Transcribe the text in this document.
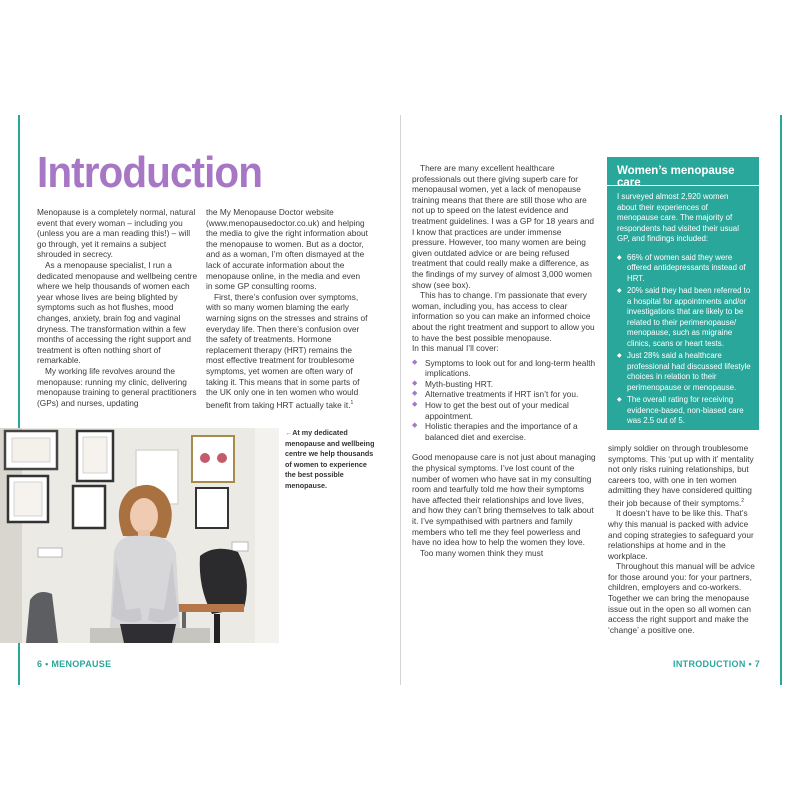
Introduction

Menopause is a completely normal, natural event that every woman – including you (unless you are a man reading this!) – will go through, yet it remains a subject shrouded in secrecy.

As a menopause specialist, I run a dedicated menopause and wellbeing centre where we help thousands of women each year whose lives are being blighted by symptoms such as hot flushes, mood changes, anxiety, brain fog and vaginal dryness. The transformation within a few months of accessing the right support and treatment is often nothing short of remarkable.

My working life revolves around the menopause: running my clinic, delivering menopause training to general practitioners (GPs) and nurses, updating

the My Menopause Doctor website (www.menopausedoctor.co.uk) and helping the media to give the right information about the menopause to women. But as a doctor, and as a woman, I’m often dismayed at the lack of accurate information about the menopause online, in the media and even in some GP consulting rooms.

First, there’s confusion over symptoms, with so many women blaming the early warning signs on the stresses and strains of everyday life. Then there’s confusion over the safety of treatments. Hormone replacement therapy (HRT) remains the most effective treatment for troublesome symptoms, yet women are often wary of taking it. This means that in some parts of the UK only one in ten women who would benefit from taking HRT actually take it.$^1$

←At my dedicated menopause and wellbeing centre we help thousands of women to experience the best possible menopause.

There are many excellent healthcare professionals out there giving superb care for menopausal women, yet a lack of menopause training means that there are still those who are not up to speed on the latest evidence and treatment guidelines. I was a GP for 18 years and I know that practices are under immense pressure. However, too many women are being given outdated advice or are being refused treatment that could really make a difference, as the findings of my survey of almost 3,000 women show (see box).

This has to change. I’m passionate that every woman, including you, has access to clear information so you can make an informed choice about the right treatment and support to allow you to have the best possible menopause.

In this manual I’ll cover:

◆ Symptoms to look out for and long-term health implications.
◆ Myth-busting HRT.
◆ Alternative treatments if HRT isn’t for you.
◆ How to get the best out of your medical appointment.
◆ Holistic therapies and the importance of a balanced diet and exercise.

Good menopause care is not just about managing the physical symptoms. I’ve lost count of the number of women who have sat in my consulting room and tearfully told me how their symptoms have affected their relationships and love lives, and how they can’t bring themselves to talk about it. I’ve sympathised with partners and family members who tell me they feel powerless and have no idea how to help the women they love.

Too many women think they must

Women’s menopause care

I surveyed almost 2,920 women about their experiences of menopause care. The majority of respondents had visited their usual GP, and findings included:

◆ 66% of women said they were offered antidepressants instead of HRT.
◆ 20% said they had been referred to a hospital for appointments and/or investigations that are likely to be related to their perimenopause/ menopause, such as migraine clinics, scans or heart tests.
◆ Just 28% said a healthcare professional had discussed lifestyle choices in relation to their perimenopause or menopause.
◆ The overall rating for receiving evidence-based, non-biased care was 2.5 out of 5.

simply soldier on through troublesome symptoms. This ‘put up with it’ mentality not only risks ruining relationships, but careers too, with one in ten women admitting they have considered quitting their job because of their symptoms.$^2$

It doesn’t have to be like this. That’s why this manual is packed with advice and coping strategies to safeguard your relationships at home and in the workplace.

Throughout this manual will be advice for those around you: for your partners, children, employers and co-workers. Together we can bring the menopause issue out in the open so all women can access the right support and make the ‘change’ a positive one.

6 • MENOPAUSE	INTRODUCTION • 7
